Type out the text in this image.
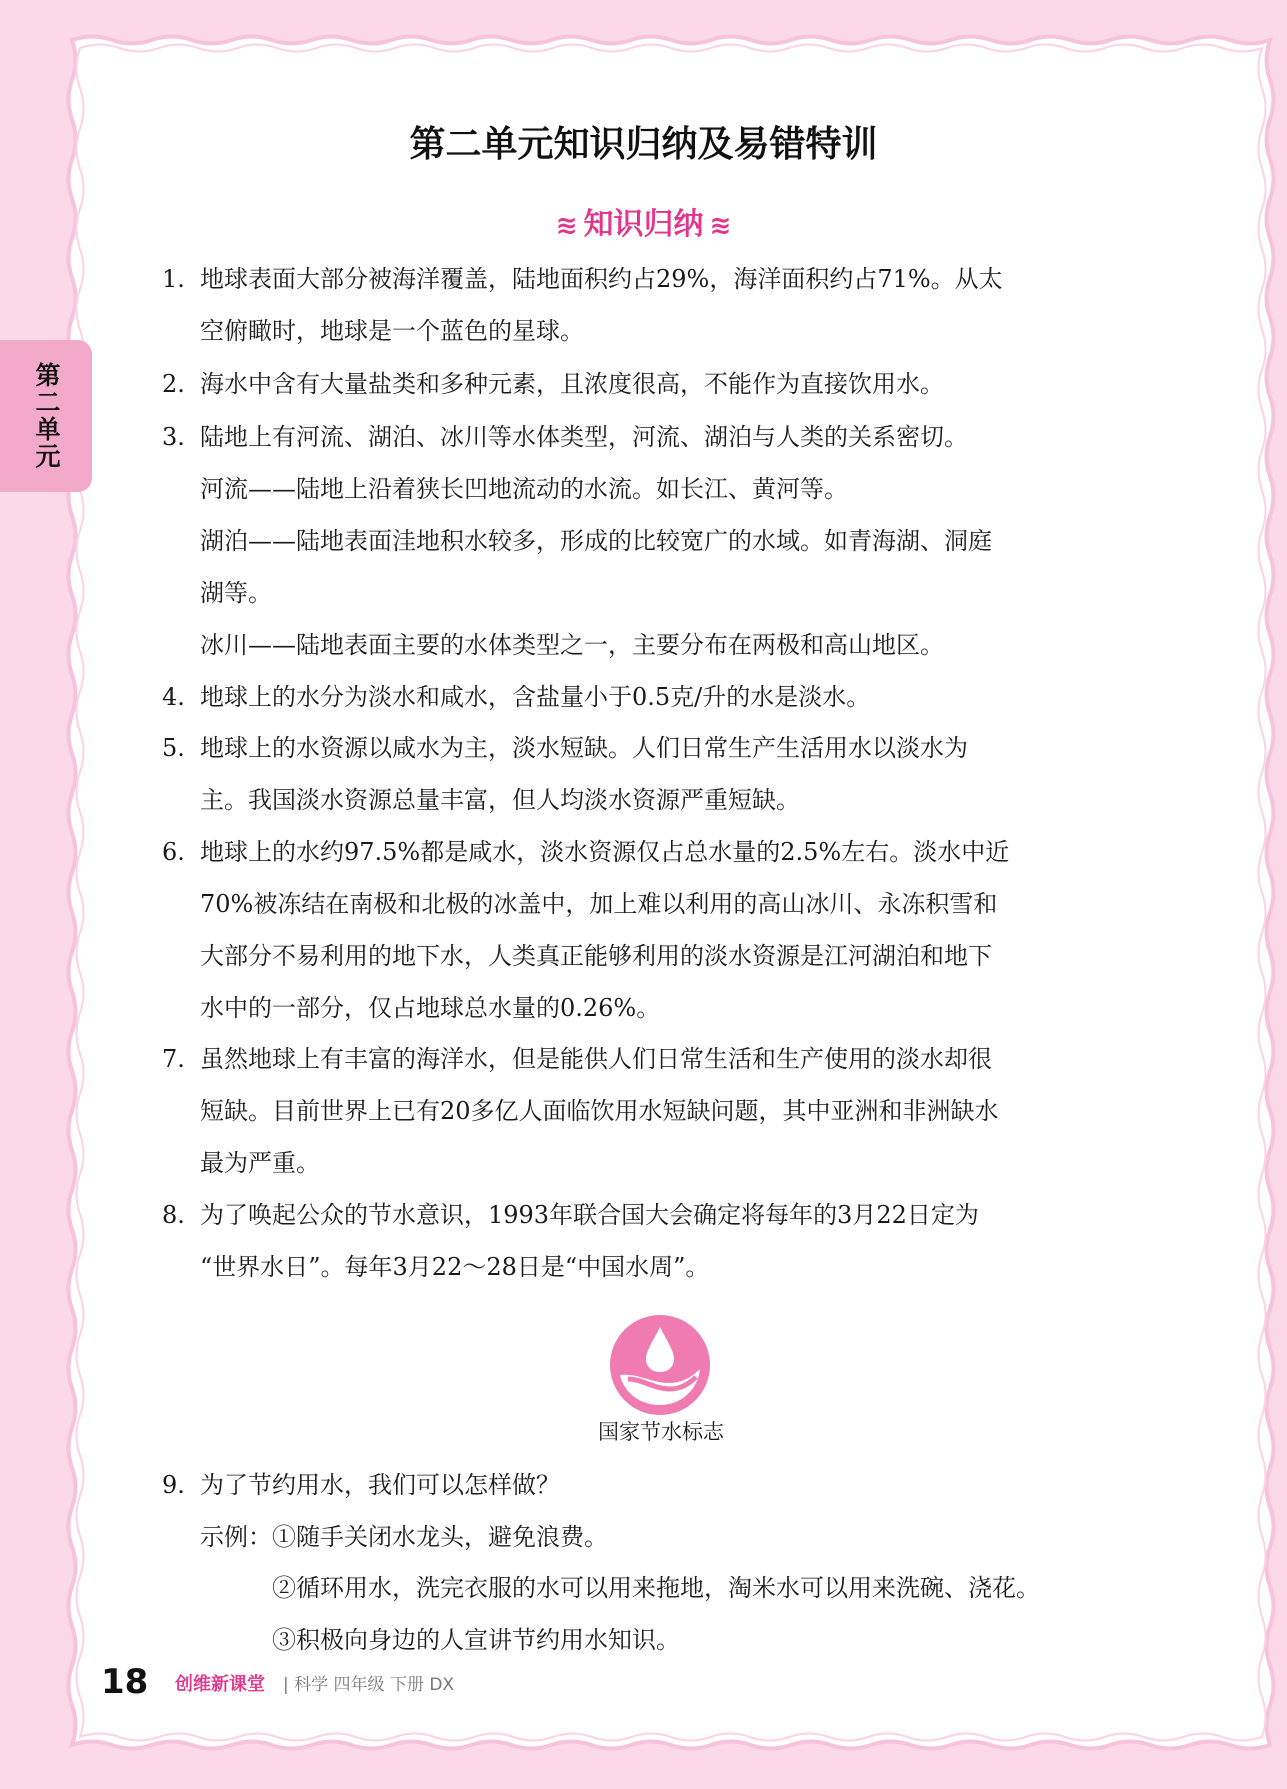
第二单元
第二单元知识归纳及易错特训
≋ 知识归纳 ≋
1. 地球表面大部分被海洋覆盖，陆地面积约占29%，海洋面积约占71%。从太
空俯瞰时，地球是一个蓝色的星球。
2. 海水中含有大量盐类和多种元素，且浓度很高，不能作为直接饮用水。
3. 陆地上有河流、湖泊、冰川等水体类型，河流、湖泊与人类的关系密切。
河流——陆地上沿着狭长凹地流动的水流。如长江、黄河等。
湖泊——陆地表面洼地积水较多，形成的比较宽广的水域。如青海湖、洞庭
湖等。
冰川——陆地表面主要的水体类型之一，主要分布在两极和高山地区。
4. 地球上的水分为淡水和咸水，含盐量小于0.5克/升的水是淡水。
5. 地球上的水资源以咸水为主，淡水短缺。人们日常生产生活用水以淡水为
主。我国淡水资源总量丰富，但人均淡水资源严重短缺。
6. 地球上的水约97.5%都是咸水，淡水资源仅占总水量的2.5%左右。淡水中近
70%被冻结在南极和北极的冰盖中，加上难以利用的高山冰川、永冻积雪和
大部分不易利用的地下水，人类真正能够利用的淡水资源是江河湖泊和地下
水中的一部分，仅占地球总水量的0.26%。
7. 虽然地球上有丰富的海洋水，但是能供人们日常生活和生产使用的淡水却很
短缺。目前世界上已有20多亿人面临饮用水短缺问题，其中亚洲和非洲缺水
最为严重。
8. 为了唤起公众的节水意识，1993年联合国大会确定将每年的3月22日定为
“世界水日”。每年3月22～28日是“中国水周”。
9. 为了节约用水，我们可以怎样做？
示例：①随手关闭水龙头，避免浪费。
②循环用水，洗完衣服的水可以用来拖地，淘米水可以用来洗碗、浇花。
③积极向身边的人宣讲节约用水知识。
国家节水标志
18 创维新课堂 | 科学 四年级 下册 DX
